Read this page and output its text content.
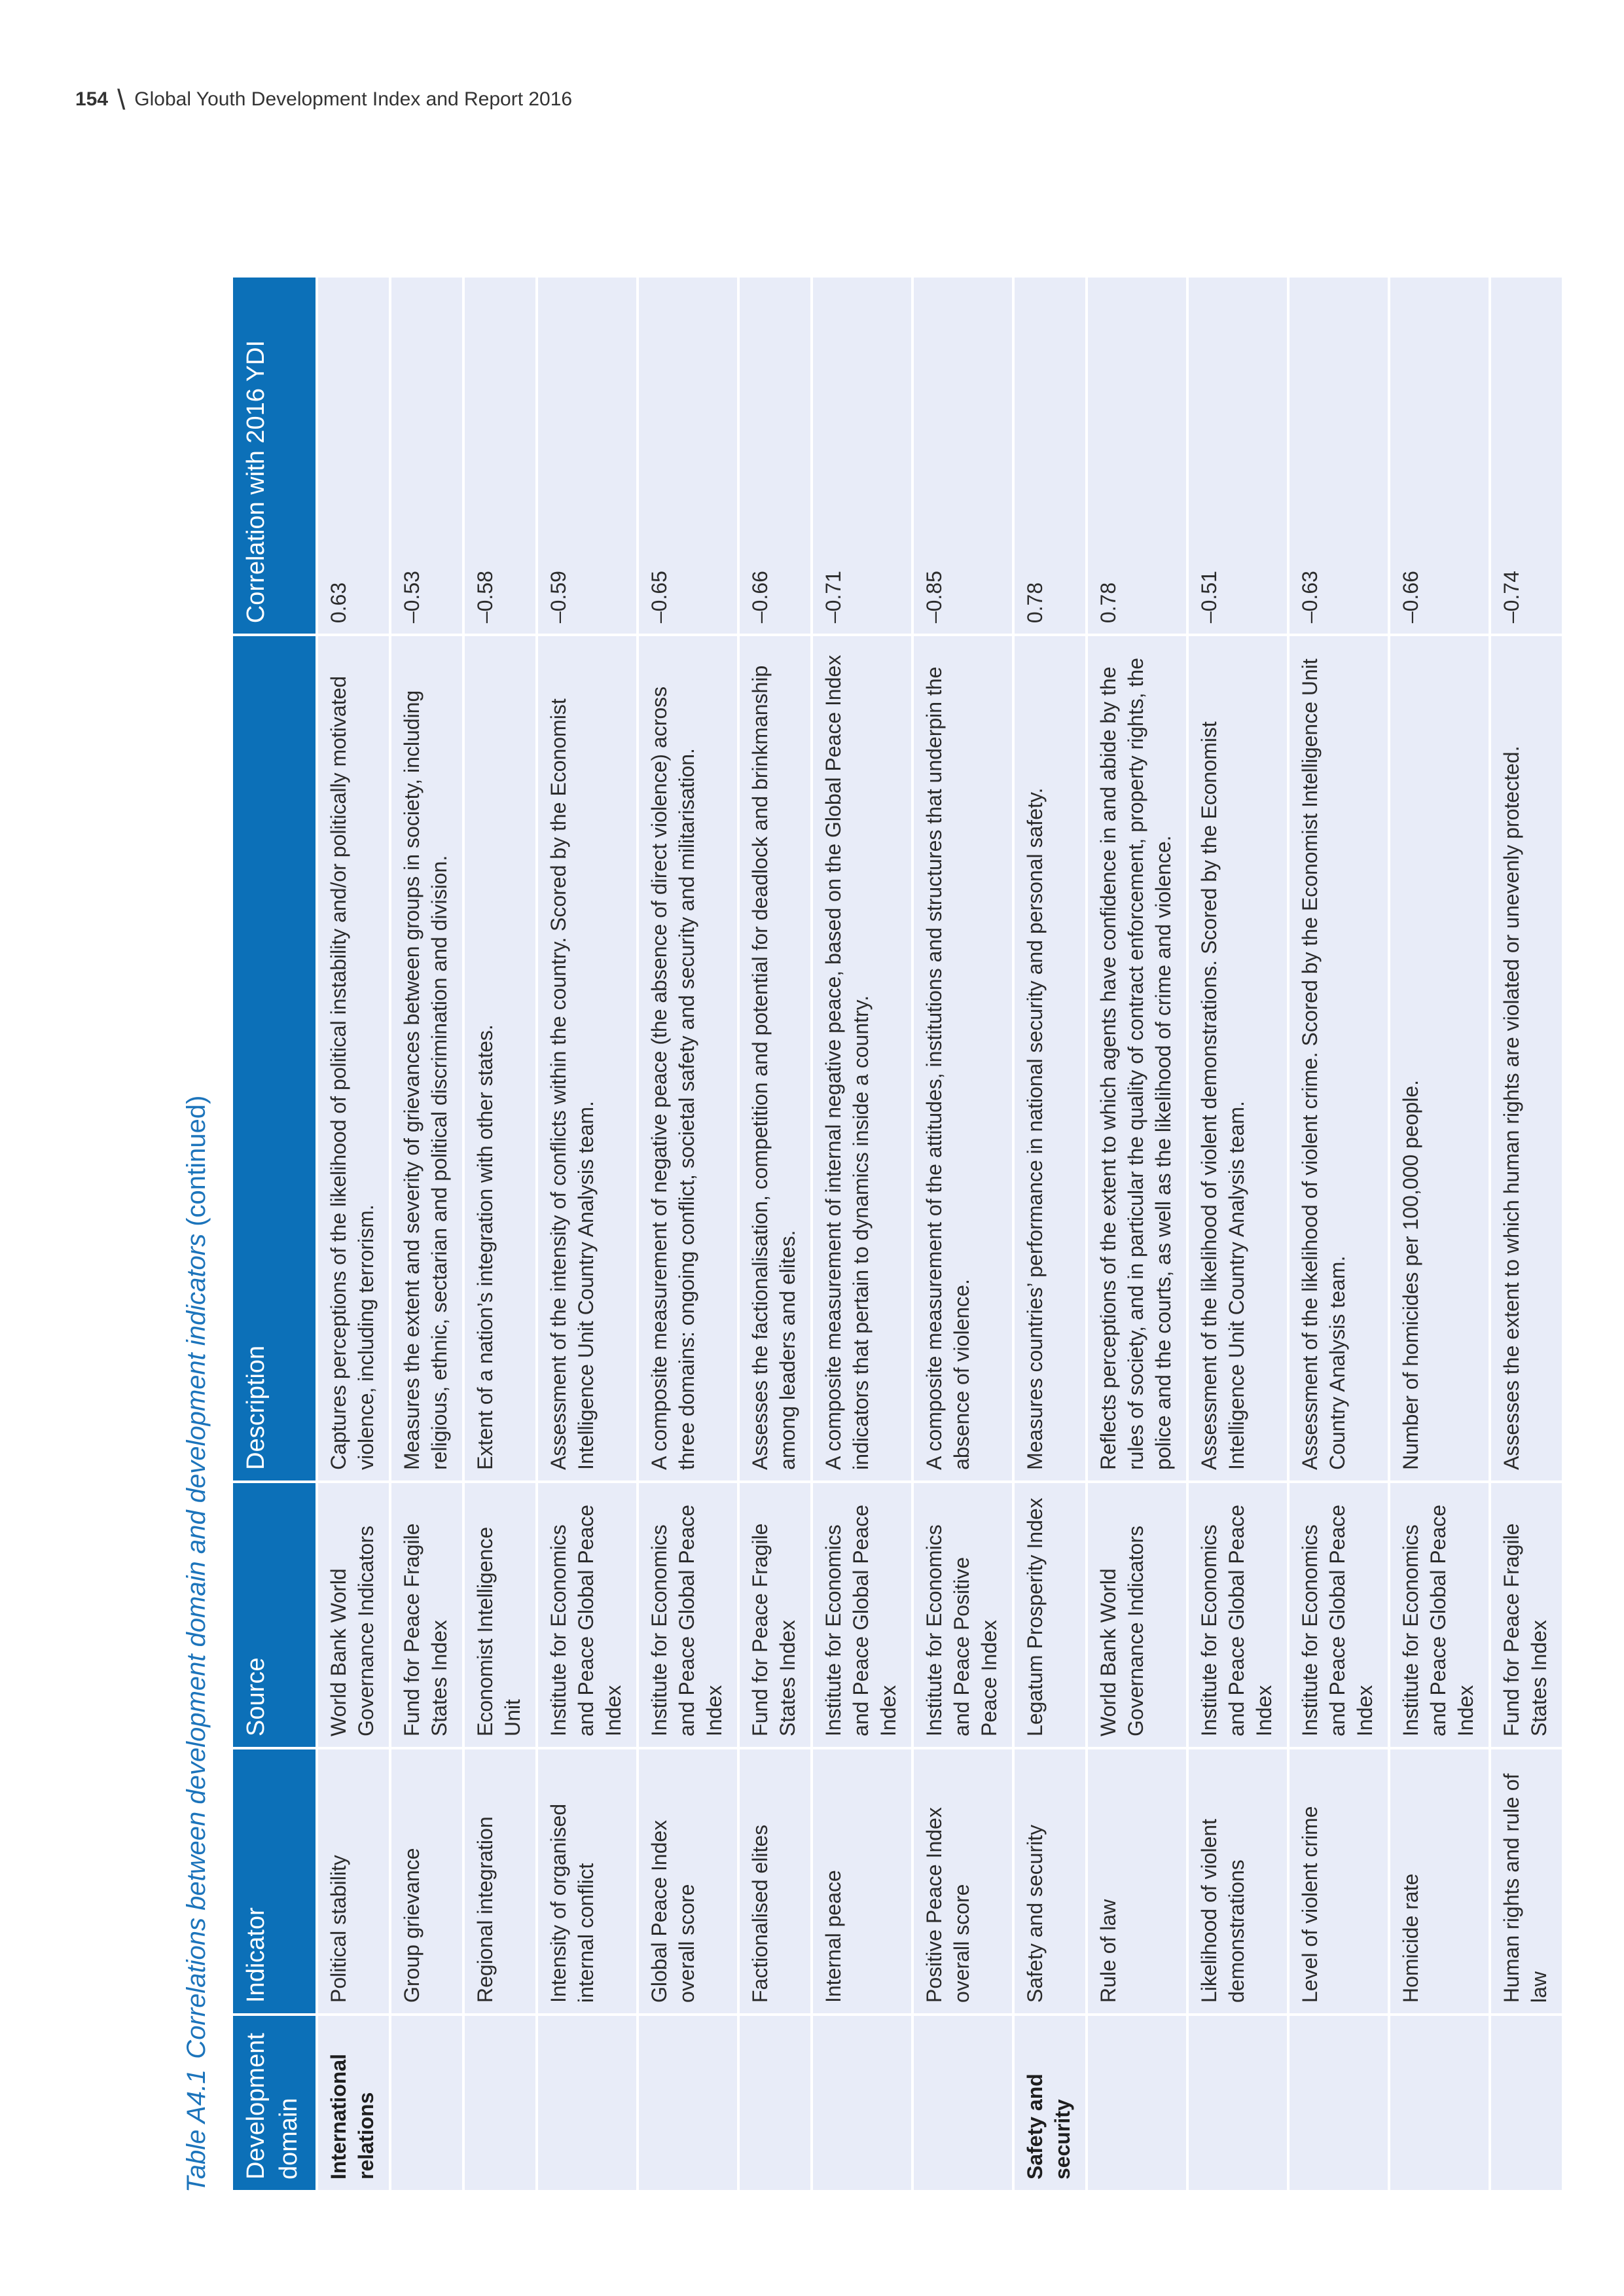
154 \ Global Youth Development Index and Report 2016
Table A4.1Correlations between development domain and development indicators (continued)
Development domain	Indicator	Source	Description	Correlation with 2016 YDI
International relations	Political stability	World Bank World Governance Indicators	Captures perceptions of the likelihood of political instability and/or politically motivated violence, including terrorism.	0.63
	Group grievance	Fund for Peace Fragile States Index	Measures the extent and severity of grievances between groups in society, including religious, ethnic, sectarian and political discrimination and division.	–0.53
	Regional integration	Economist Intelligence Unit	Extent of a nation’s integration with other states.	–0.58
	Intensity of organised internal conflict	Institute for Economics and Peace Global Peace Index	Assessment of the intensity of conflicts within the country. Scored by the Economist Intelligence Unit Country Analysis team.	–0.59
	Global Peace Index overall score	Institute for Economics and Peace Global Peace Index	A composite measurement of negative peace (the absence of direct violence) across three domains: ongoing conflict, societal safety and security and militarisation.	–0.65
	Factionalised elites	Fund for Peace Fragile States Index	Assesses the factionalisation, competition and potential for deadlock and brinkmanship among leaders and elites.	–0.66
	Internal peace	Institute for Economics and Peace Global Peace Index	A composite measurement of internal negative peace, based on the Global Peace Index indicators that pertain to dynamics inside a country.	–0.71
	Positive Peace Index overall score	Institute for Economics and Peace Positive Peace Index	A composite measurement of the attitudes, institutions and structures that underpin the absence of violence.	–0.85
Safety and security	Safety and security	Legatum Prosperity Index	Measures countries’ performance in national security and personal safety.	0.78
	Rule of law	World Bank World Governance Indicators	Reflects perceptions of the extent to which agents have confidence in and abide by the rules of society, and in particular the quality of contract enforcement, property rights, the police and the courts, as well as the likelihood of crime and violence.	0.78
	Likelihood of violent demonstrations	Institute for Economics and Peace Global Peace Index	Assessment of the likelihood of violent demonstrations. Scored by the Economist Intelligence Unit Country Analysis team.	–0.51
	Level of violent crime	Institute for Economics and Peace Global Peace Index	Assessment of the likelihood of violent crime. Scored by the Economist Intelligence Unit Country Analysis team.	–0.63
	Homicide rate	Institute for Economics and Peace Global Peace Index	Number of homicides per 100,000 people.	–0.66
	Human rights and rule of law	Fund for Peace Fragile States Index	Assesses the extent to which human rights are violated or unevenly protected.	–0.74
